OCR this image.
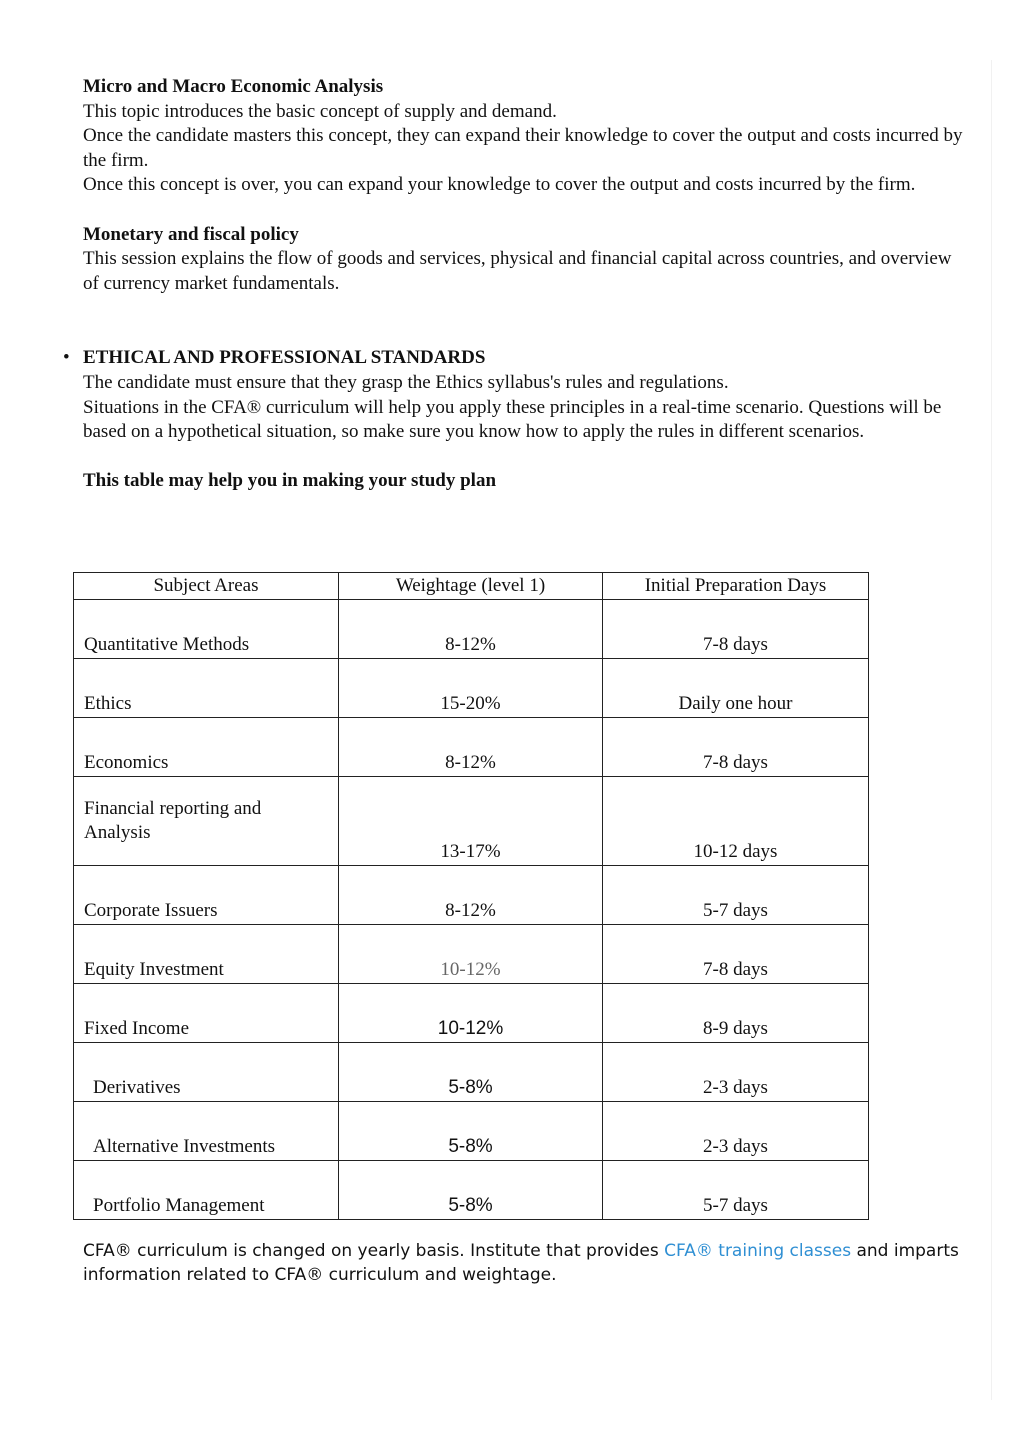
Micro and Macro Economic Analysis

This topic introduces the basic concept of supply and demand.

Once the candidate masters this concept, they can expand their knowledge to cover the output and costs incurred by the firm.

Once this concept is over, you can expand your knowledge to cover the output and costs incurred by the firm.

Monetary and fiscal policy

This session explains the flow of goods and services, physical and financial capital across countries, and overview of currency market fundamentals.

• ETHICAL AND PROFESSIONAL STANDARDS

The candidate must ensure that they grasp the Ethics syllabus's rules and regulations.

Situations in the CFA® curriculum will help you apply these principles in a real-time scenario. Questions will be based on a hypothetical situation, so make sure you know how to apply the rules in different scenarios.

This table may help you in making your study plan

Subject Areas	Weightage (level 1)	Initial Preparation Days
Quantitative Methods	8-12%	7-8 days
Ethics	15-20%	Daily one hour
Economics	8-12%	7-8 days
Financial reporting and Analysis	13-17%	10-12 days
Corporate Issuers	8-12%	5-7 days
Equity Investment	10-12%	7-8 days
Fixed Income	10-12%	8-9 days
Derivatives	5-8%	2-3 days
Alternative Investments	5-8%	2-3 days
Portfolio Management	5-8%	5-7 days

CFA® curriculum is changed on yearly basis. Institute that provides CFA® training classes and imparts information related to CFA® curriculum and weightage.
